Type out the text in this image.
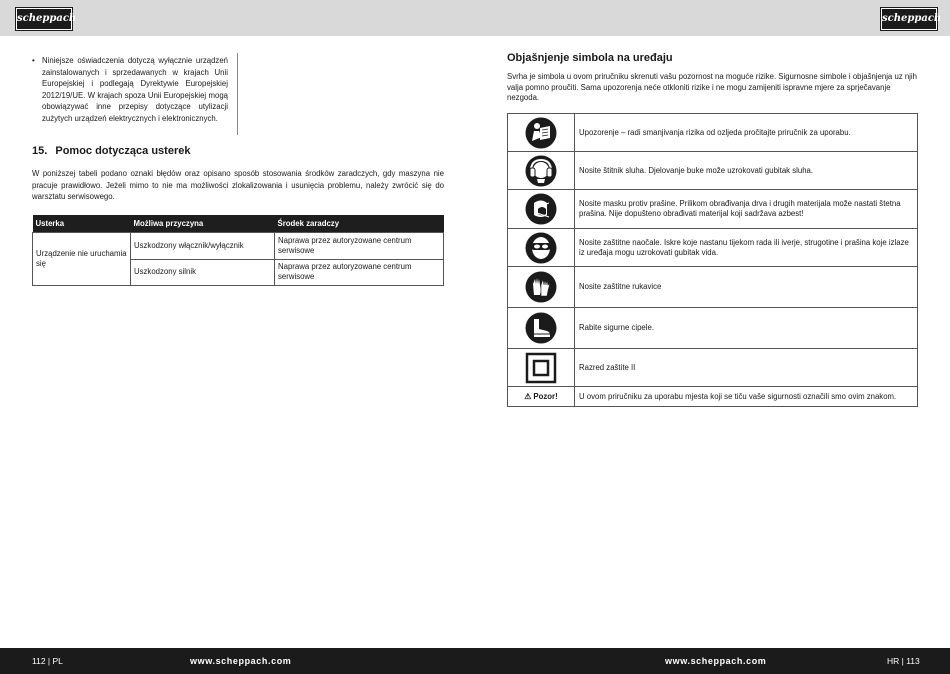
scheppach	scheppach
• Niniejsze oświadczenia dotyczą wyłącznie urządzeń zainstalowanych i sprzedawanych w krajach Unii Europejskiej i podlegają Dyrektywie Europejskiej 2012/19/UE. W krajach spoza Unii Europejskiej mogą obowiązywać inne przepisy dotyczące utylizacji zużytych urządzeń elektrycznych i elektronicznych.
15. Pomoc dotycząca usterek
W poniższej tabeli podano oznaki błędów oraz opisano sposób stosowania środków zaradczych, gdy maszyna nie pracuje prawidłowo. Jeżeli mimo to nie ma możliwości zlokalizowania i usunięcia problemu, należy zwrócić się do warsztatu serwisowego.
Usterka	Możliwa przyczyna	Środek zaradczy
Urządzenie nie uruchamia się	Uszkodzony włącznik/wyłącznik	Naprawa przez autoryzowane centrum serwisowe
	Uszkodzony silnik	Naprawa przez autoryzowane centrum serwisowe
Objašnjenje simbola na uređaju
Svrha je simbola u ovom priručniku skrenuti vašu pozornost na moguće rizike. Sigurnosne simbole i objašnjenja uz njih valja pomno proučiti. Sama upozorenja neće otkloniti rizike i ne mogu zamijeniti ispravne mjere za sprječavanje nezgoda.
	Upozorenje – radi smanjivanja rizika od ozljeda pročitajte priručnik za uporabu.

	Nosite štitnik sluha. Djelovanje buke može uzrokovati gubitak sluha.

	Nosite masku protiv prašine. Prilikom obrađivanja drva i drugih materijala može nastati štetna prašina. Nije dopušteno obrađivati materijal koji sadržava azbest!

	Nosite zaštitne naočale. Iskre koje nastanu tijekom rada ili iverje, strugotine i prašina koje izlaze iz uređaja mogu uzrokovati gubitak vida.

	Nosite zaštitne rukavice

	Rabite sigurne cipele.

	Razred zaštite II
⚠ Pozor!	U ovom priručniku za uporabu mjesta koji se tiču vaše sigurnosti označili smo ovim znakom.
112 | PL	www.scheppach.com	www.scheppach.com	HR | 113
